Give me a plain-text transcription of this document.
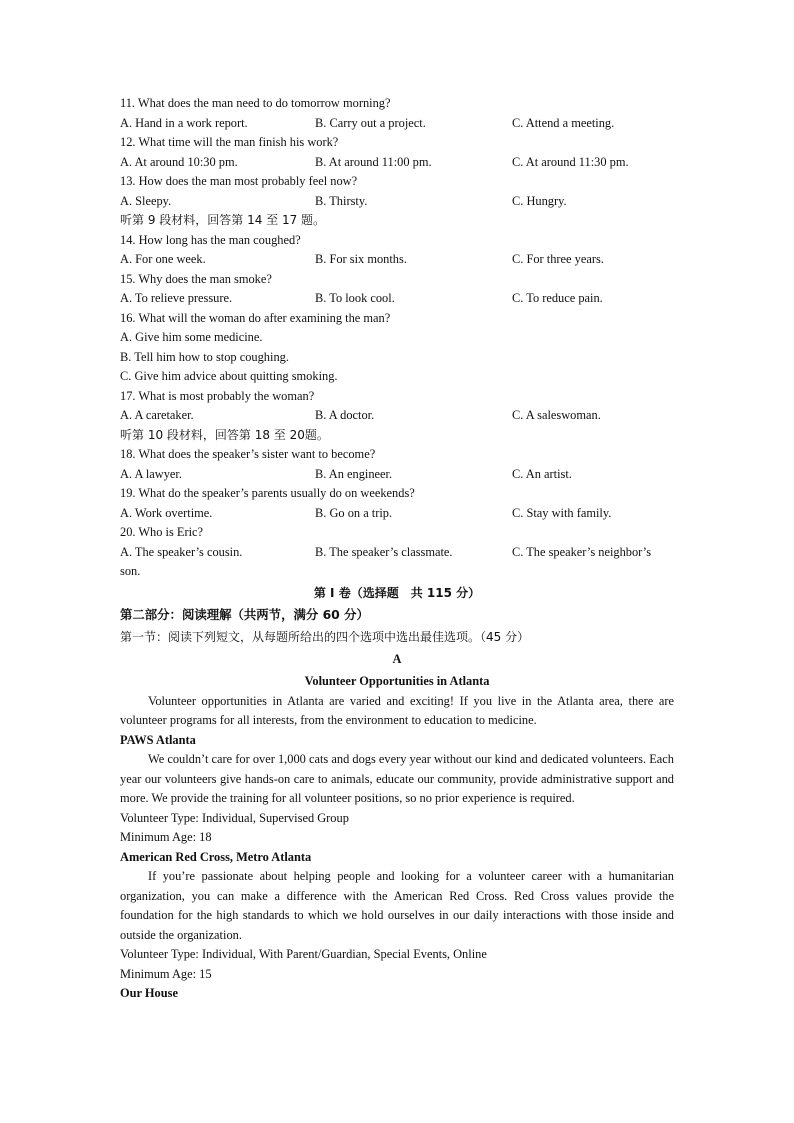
11. What does the man need to do tomorrow morning?
A. Hand in a work report.	B. Carry out a project.	C. Attend a meeting.
12. What time will the man finish his work?
A. At around 10:30 pm.	B. At around 11:00 pm.	C. At around 11:30 pm.
13. How does the man most probably feel now?
A. Sleepy.	B. Thirsty.	C. Hungry.
听第 9 段材料，回答第 14 至 17 题。
14. How long has the man coughed?
A. For one week.	B. For six months.	C. For three years.
15. Why does the man smoke?
A. To relieve pressure.	B. To look cool.	C. To reduce pain.
16. What will the woman do after examining the man?
A. Give him some medicine.
B. Tell him how to stop coughing.
C. Give him advice about quitting smoking.
17. What is most probably the woman?
A. A caretaker.	B. A doctor.	C. A saleswoman.
听第 10 段材料，回答第 18 至 20题。
18. What does the speaker’s sister want to become?
A. A lawyer.	B. An engineer.	C. An artist.
19. What do the speaker’s parents usually do on weekends?
A. Work overtime.	B. Go on a trip.	C. Stay with family.
20. Who is Eric?
A. The speaker’s cousin.	B. The speaker’s classmate.	C. The speaker’s neighbor’s
son.
第 I 卷（选择题　共 115 分）
第二部分：阅读理解（共两节，满分 60 分）
第一节：阅读下列短文，从每题所给出的四个选项中选出最佳选项。（45 分）
A
Volunteer Opportunities in Atlanta

Volunteer opportunities in Atlanta are varied and exciting! If you live in the Atlanta area, there are volunteer programs for all interests, from the environment to education to medicine.

PAWS Atlanta

We couldn’t care for over 1,000 cats and dogs every year without our kind and dedicated volunteers. Each year our volunteers give hands-on care to animals, educate our community, provide administrative support and more. We provide the training for all volunteer positions, so no prior experience is required.

Volunteer Type: Individual, Supervised Group
Minimum Age: 18
American Red Cross, Metro Atlanta

If you’re passionate about helping people and looking for a volunteer career with a humanitarian organization, you can make a difference with the American Red Cross. Red Cross values provide the foundation for the high standards to which we hold ourselves in our daily interactions with those inside and outside the organization.

Volunteer Type: Individual, With Parent/Guardian, Special Events, Online
Minimum Age: 15
Our House
